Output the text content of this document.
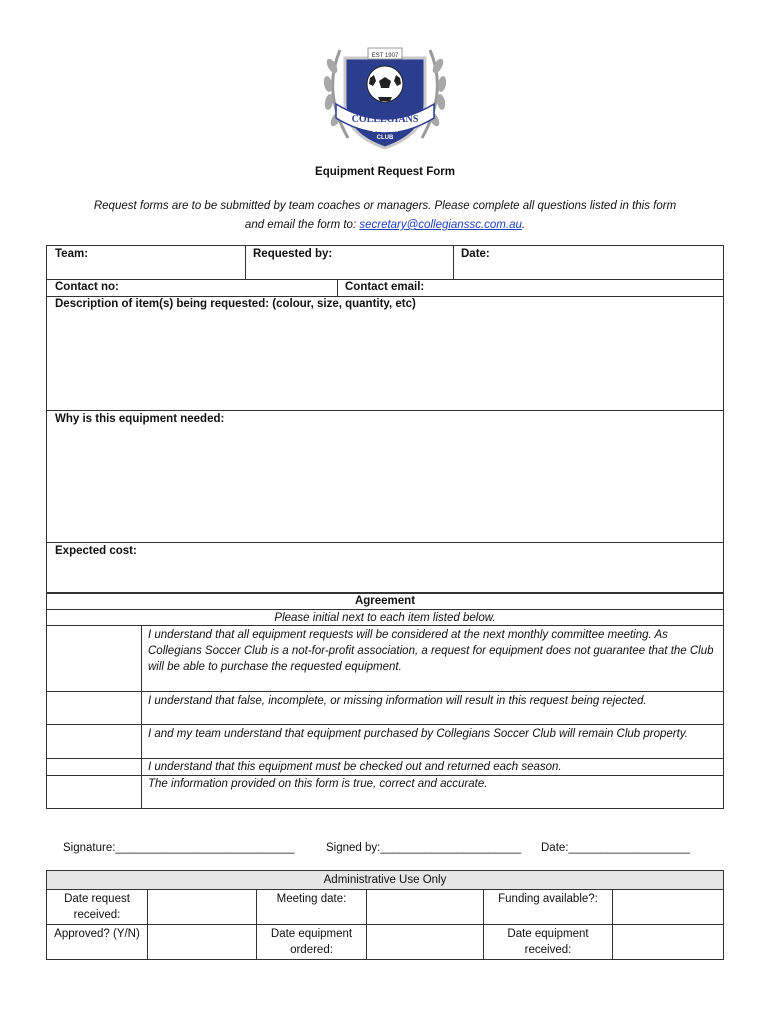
EST 1907
COLLEGIANS
SOCCER
CLUB
Equipment Request Form
Request forms are to be submitted by team coaches or managers. Please complete all questions listed in this form
and email the form to: secretary@collegianssc.com.au.
Team:	Requested by:	Date:
Contact no:	Contact email:
Description of item(s) being requested: (colour, size, quantity, etc)
Why is this equipment needed:
Expected cost:
Agreement
Please initial next to each item listed below.
I understand that all equipment requests will be considered at the next monthly committee meeting. As Collegians Soccer Club is a not-for-profit association, a request for equipment does not guarantee that the Club will be able to purchase the requested equipment.
I understand that false, incomplete, or missing information will result in this request being rejected.
I and my team understand that equipment purchased by Collegians Soccer Club will remain Club property.
I understand that this equipment must be checked out and returned each season.
The information provided on this form is true, correct and accurate.
Signature:____________________________	Signed by:______________________ Date:___________________
Administrative Use Only					
Date request received:		Meeting date:		Funding available?:	
Approved? (Y/N)		Date equipment ordered:		Date equipment received:	
